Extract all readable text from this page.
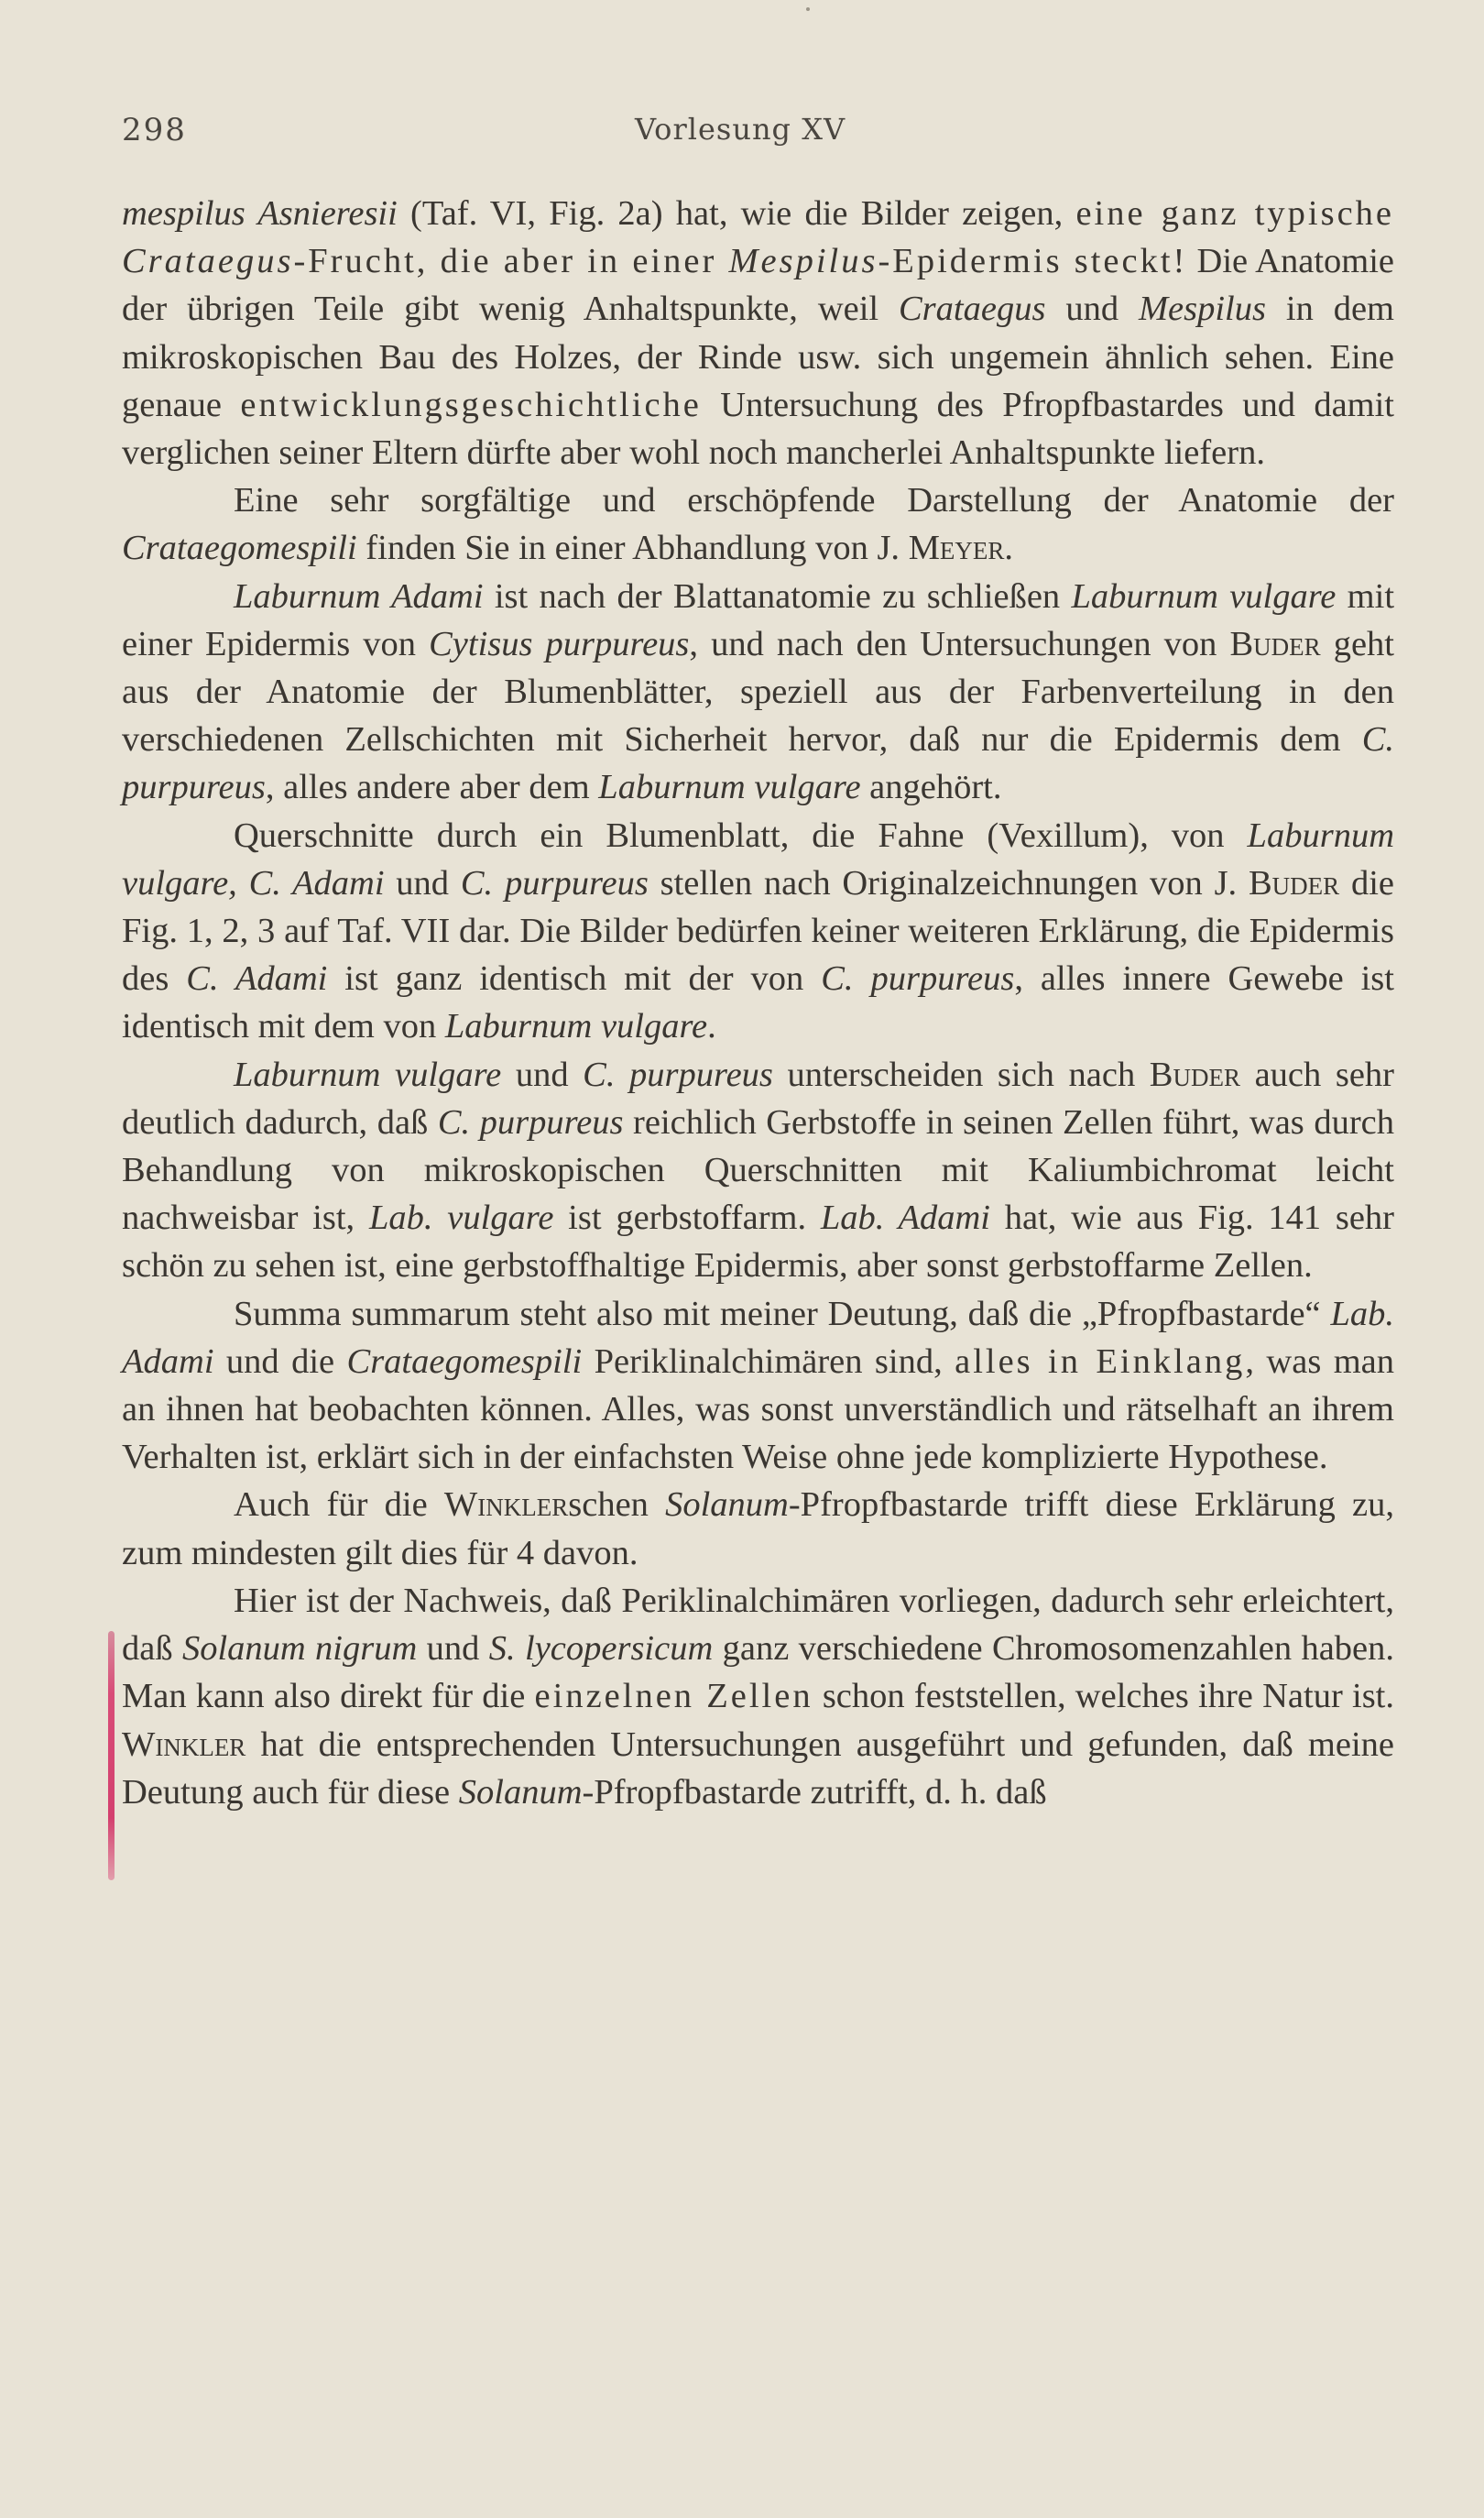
298	Vorlesung XV

mespilus Asnieresii (Taf. VI, Fig. 2a) hat, wie die Bilder zeigen, eine ganz typische Crataegus-Frucht, die aber in einer Mespilus-Epidermis steckt! Die Anatomie der übrigen Teile gibt wenig Anhaltspunkte, weil Crataegus und Mespilus in dem mikroskopischen Bau des Holzes, der Rinde usw. sich ungemein ähnlich sehen. Eine genaue entwicklungsgeschichtliche Untersuchung des Pfropfbastardes und damit verglichen seiner Eltern dürfte aber wohl noch mancherlei Anhaltspunkte liefern.

Eine sehr sorgfältige und erschöpfende Darstellung der Anatomie der Crataegomespili finden Sie in einer Abhandlung von J. Meyer.

Laburnum Adami ist nach der Blattanatomie zu schließen Laburnum vulgare mit einer Epidermis von Cytisus purpureus, und nach den Untersuchungen von Buder geht aus der Anatomie der Blumenblätter, speziell aus der Farbenverteilung in den verschiedenen Zellschichten mit Sicherheit hervor, daß nur die Epidermis dem C. purpureus, alles andere aber dem Laburnum vulgare angehört.

Querschnitte durch ein Blumenblatt, die Fahne (Vexillum), von Laburnum vulgare, C. Adami und C. purpureus stellen nach Originalzeichnungen von J. Buder die Fig. 1, 2, 3 auf Taf. VII dar. Die Bilder bedürfen keiner weiteren Erklärung, die Epidermis des C. Adami ist ganz identisch mit der von C. purpureus, alles innere Gewebe ist identisch mit dem von Laburnum vulgare.

Laburnum vulgare und C. purpureus unterscheiden sich nach Buder auch sehr deutlich dadurch, daß C. purpureus reichlich Gerbstoffe in seinen Zellen führt, was durch Behandlung von mikroskopischen Querschnitten mit Kaliumbichromat leicht nachweisbar ist, Lab. vulgare ist gerbstoffarm. Lab. Adami hat, wie aus Fig. 141 sehr schön zu sehen ist, eine gerbstoffhaltige Epidermis, aber sonst gerbstoffarme Zellen.

Summa summarum steht also mit meiner Deutung, daß die „Pfropfbastarde“ Lab. Adami und die Crataegomespili Periklinalchimären sind, alles in Einklang, was man an ihnen hat beobachten können. Alles, was sonst unverständlich und rätselhaft an ihrem Verhalten ist, erklärt sich in der einfachsten Weise ohne jede komplizierte Hypothese.

Auch für die Winklerschen Solanum-Pfropfbastarde trifft diese Erklärung zu, zum mindesten gilt dies für 4 davon.

Hier ist der Nachweis, daß Periklinalchimären vorliegen, dadurch sehr erleichtert, daß Solanum nigrum und S. lycopersicum ganz verschiedene Chromosomenzahlen haben. Man kann also direkt für die einzelnen Zellen schon feststellen, welches ihre Natur ist. Winkler hat die entsprechenden Untersuchungen ausgeführt und gefunden, daß meine Deutung auch für diese Solanum-Pfropfbastarde zutrifft, d. h. daß
